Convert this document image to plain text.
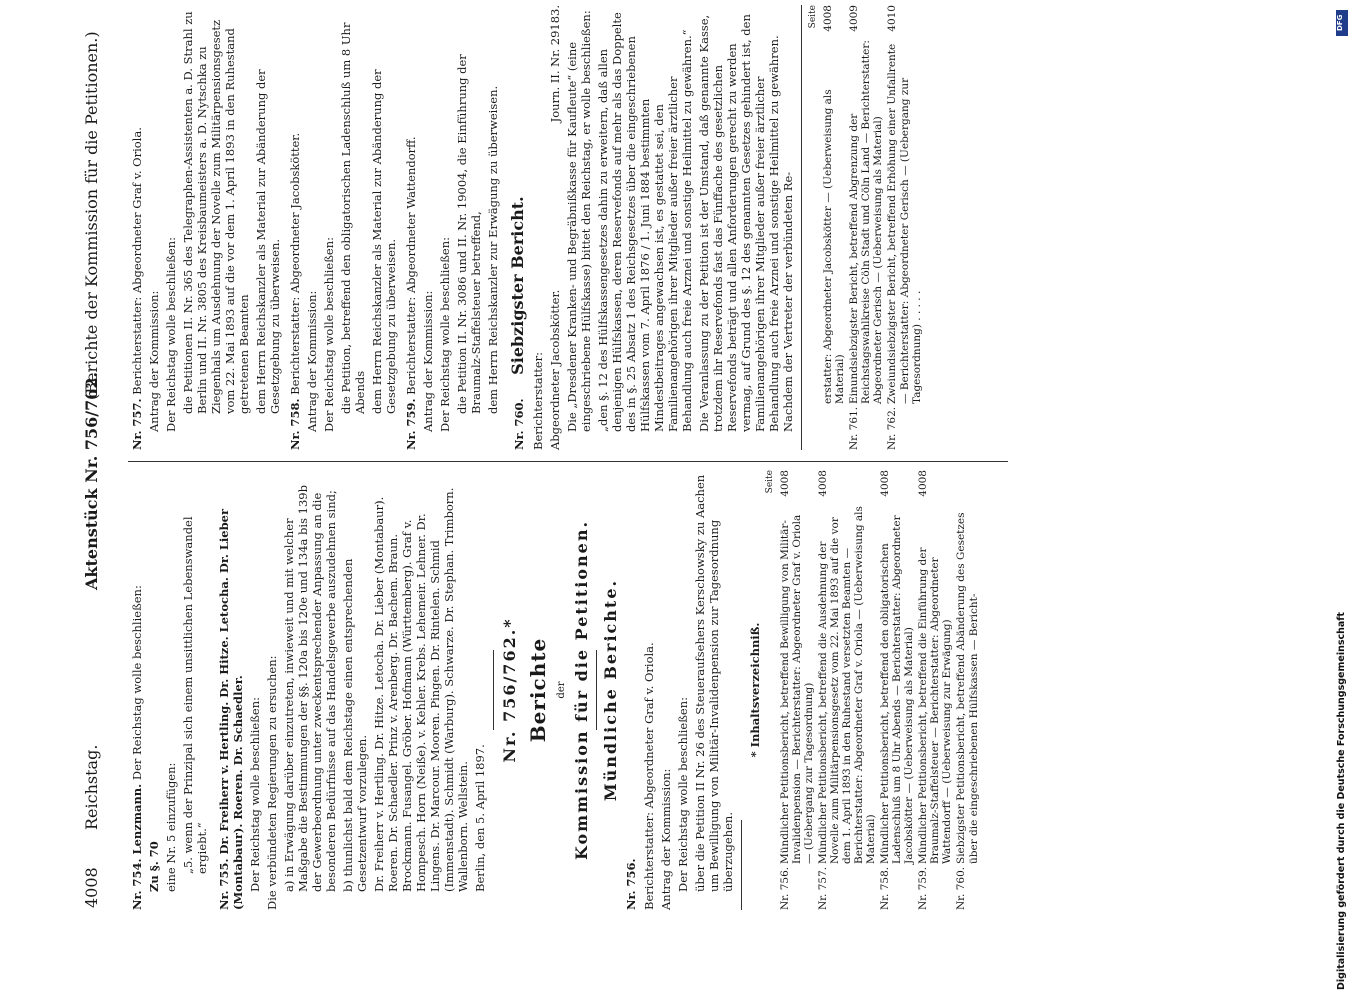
4008
Reichstag.
Aktenstück Nr. 756/762.
(Berichte der Kommission für die Petitionen.)

Nr. 754. Lenzmann. Der Reichstag wolle beschließen:

Zu §. 70 eine Nr. 5 einzufügen: „5. wenn der Prinzipal sich einem unsittlichen Lebenswandel ergiebt.“ Nr. 755. Dr. Freiherr v. Hertling. Dr. Hitze. Letocha. Dr. Lieber (Montabaur). Roeren. Dr. Schaedler. Der Reichstag wolle beschließen: Die verbündeten Regierungen zu ersuchen: a) in Erwägung darüber einzutreten, inwieweit und mit welcher Maßgabe die Bestimmungen der §§. 120a bis 120e und 134a bis 139b der Gewerbeordnung unter zweckentsprechender Anpassung an die besonderen Bedürfnisse auf das Handelsgewerbe auszudehnen sind; b) thunlichst bald dem Reichstage einen entsprechenden Gesetzentwurf vorzulegen. Dr. Freiherr v. Hertling. Dr. Hitze. Letocha. Dr. Lieber (Montabaur). Roeren. Dr. Schaedler. Prinz v. Arenberg. Dr. Bachem. Braun. Brockmann. Fusangel. Gröber. Hofmann (Württemberg). Graf v. Hompesch. Horn (Neiße). v. Kehler. Krebs. Lehemeir. Lehner. Dr. Lingens. Dr. Marcour. Mooren. Pingen. Dr. Rintelen. Schmid (Immenstadt). Schmidt (Warburg). Schwarze. Dr. Stephan. Trimborn. Wallenborn. Wellstein. Berlin, den 5. April 1897.

Nr. 756/762.* Berichte der Kommission für die Petitionen. Mündliche Berichte.

Nr. 756. Berichterstatter: Abgeordneter Graf v. Oriola. Antrag der Kommission: Der Reichstag wolle beschließen: über die Petition II Nr. 26 des Steueraufsehers Kerschowsky zu Aachen um Bewilligung von Militär-Invalidenpension zur Tagesordnung überzugehen.

* Inhaltsverzeichniß.

Seite

Nr. 756.
Mündlicher Petitionsbericht, betreffend Bewilligung von Militär-Invalidenpension — Berichterstatter: Abgeordneter Graf v. Oriola — (Uebergang zur Tagesordnung)
4008
Nr. 757.
Mündlicher Petitionsbericht, betreffend die Ausdehnung der Novelle zum Militärpensionsgesetz vom 22. Mai 1893 auf die vor dem 1. April 1893 in den Ruhestand versetzten Beamten — Berichterstatter: Abgeordneter Graf v. Oriola — (Ueberweisung als Material)
4008
Nr. 758.
Mündlicher Petitionsbericht, betreffend den obligatorischen Ladenschluß um 8 Uhr Abends — Berichterstatter: Abgeordneter Jacobskötter — (Ueberweisung als Material)
4008
Nr. 759.
Mündlicher Petitionsbericht, betreffend die Einführung der Braumalz-Staffelsteuer — Berichterstatter: Abgeordneter Wattendorff — (Ueberweisung zur Erwägung)
4008
Nr. 760.
Siebzigster Petitionsbericht, betreffend Abänderung des Gesetzes über die eingeschriebenen Hülfskassen — Bericht-

Nr. 757. Berichterstatter: Abgeordneter Graf v. Oriola. Antrag der Kommission: Der Reichstag wolle beschließen: die Petitionen II. Nr. 365 des Telegraphen-Assistenten a. D. Strahl zu Berlin und II. Nr. 3805 des Kreisbaumeisters a. D. Nytschka zu Ziegenhals um Ausdehnung der Novelle zum Militärpensionsgesetz vom 22. Mai 1893 auf die vor dem 1. April 1893 in den Ruhestand getretenen Beamten dem Herrn Reichskanzler als Material zur Abänderung der Gesetzgebung zu überweisen.

Nr. 758. Berichterstatter: Abgeordneter Jacobskötter. Antrag der Kommission: Der Reichstag wolle beschließen: die Petition, betreffend den obligatorischen Ladenschluß um 8 Uhr Abends dem Herrn Reichskanzler als Material zur Abänderung der Gesetzgebung zu überweisen.

Nr. 759. Berichterstatter: Abgeordneter Wattendorff. Antrag der Kommission: Der Reichstag wolle beschließen: die Petition II. Nr. 3086 und II. Nr. 19004, die Einführung der Braumalz-Staffelsteuer betreffend, dem Herrn Reichskanzler zur Erwägung zu überweisen.

Nr. 760. Siebzigster Bericht.

Berichterstatter: Abgeordneter Jacobskötter.
Journ. II. Nr. 29183. Die „Dresdener Kranken- und Begräbnißkasse für Kaufleute“ (eine eingeschriebene Hülfskasse) bittet den Reichstag, er wolle beschließen: „den §. 12 des Hülfskassengesetzes dahin zu erweitern, daß allen denjenigen Hülfskassen, deren Reservefonds auf mehr als das Doppelte des in §. 25 Absatz 1 des Reichsgesetzes über die eingeschriebenen Hülfskassen vom 7. April 1876 / 1. Juni 1884 bestimmten Mindestbeitrages angewachsen ist, es gestattet sei, den Familienangehörigen ihrer Mitglieder außer freier ärztlicher Behandlung auch freie Arznei und sonstige Heilmittel zu gewähren.“ Die Veranlassung zu der Petition ist der Umstand, daß genannte Kasse, trotzdem ihr Reservefonds fast das Fünffache des gesetzlichen Reservefonds beträgt und allen Anforderungen gerecht zu werden vermag, auf Grund des §. 12 des genannten Gesetzes gehindert ist, den Familienangehörigen ihrer Mitglieder außer freier ärztlicher Behandlung auch freie Arznei und sonstige Heilmittel zu gewähren. Nachdem der Vertreter der verbündeten Re-

Seite

erstatter: Abgeordneter Jacobskötter — (Ueberweisung als Material)
4008
Nr. 761.
Einundsiebzigster Bericht, betreffend Abgrenzung der Reichstagswahlkreise Cöln Stadt und Cöln Land — Berichterstatter: Abgeordneter Gerisch — (Ueberweisung als Material)
4009
Nr. 762.
Zweiundsiebzigster Bericht, betreffend Erhöhung einer Unfallrente — Berichterstatter: Abgeordneter Gerisch — (Uebergang zur Tagesordnung) . . . . .
4010	DFG
Digitalisierung gefördert durch die Deutsche Forschungsgemeinschaft
